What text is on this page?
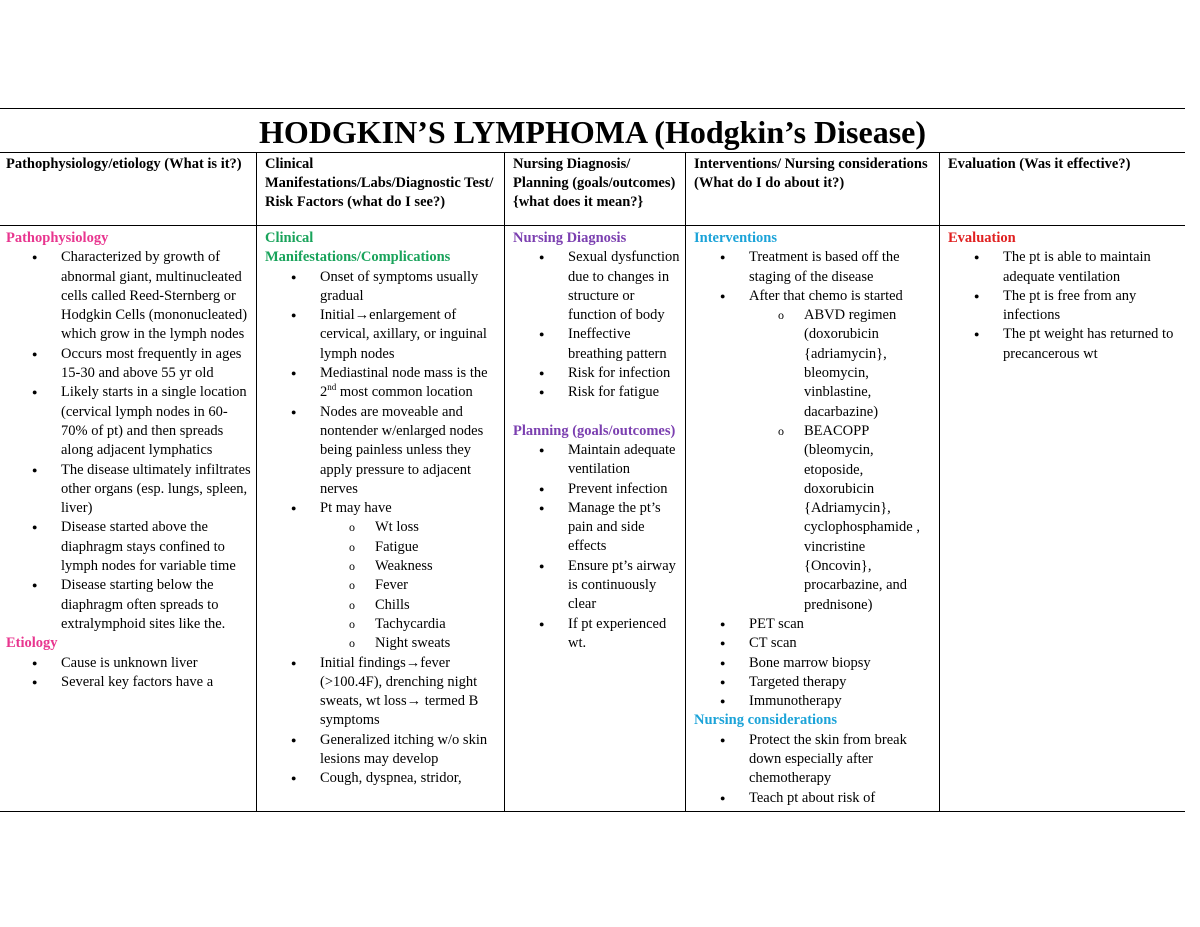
HODGKIN’S LYMPHOMA (Hodgkin’s Disease)
Pathophysiology/etiology (What is it?)	Clinical Manifestations/Labs/Diagnostic Test/ Risk Factors (what do I see?)
Nursing Diagnosis/ Planning (goals/outcomes) {what does it mean?}
Interventions/ Nursing considerations (What do I do about it?)
Evaluation (Was it effective?)
Pathophysiology
● Characterized by growth of abnormal giant, multinucleated cells called Reed-Sternberg or Hodgkin Cells (mononucleated) which grow in the lymph nodes
● Occurs most frequently in ages 15-30 and above 55 yr old
● Likely starts in a single location (cervical lymph nodes in 60-70% of pt) and then spreads along adjacent lymphatics
● The disease ultimately infiltrates other organs (esp. lungs, spleen, liver)
● Disease started above the diaphragm stays confined to lymph nodes for variable time
● Disease starting below the diaphragm often spreads to extralymphoid sites like the.
Etiology
● Cause is unknown liver
● Several key factors have a
Clinical Manifestations/Complications
● Onset of symptoms usually gradual
● Initial→enlargement of cervical, axillary, or inguinal lymph nodes
● Mediastinal node mass is the 2nd most common location
● Nodes are moveable and nontender w/enlarged nodes being painless unless they apply pressure to adjacent nerves
● Pt may have
o Wt loss
o Fatigue
o Weakness
o Fever
o Chills
o Tachycardia
o Night sweats
● Initial findings→fever (>100.4F), drenching night sweats, wt loss→ termed B symptoms
● Generalized itching w/o skin lesions may develop
● Cough, dyspnea, stridor,
Nursing Diagnosis
● Sexual dysfunction due to changes in structure or function of body
● Ineffective breathing pattern
● Risk for infection
● Risk for fatigue
Planning (goals/outcomes)
● Maintain adequate ventilation
● Prevent infection
● Manage the pt’s pain and side effects
● Ensure pt’s airway is continuously clear
● If pt experienced wt.
Interventions
● Treatment is based off the staging of the disease
● After that chemo is started
o ABVD regimen (doxorubicin {adriamycin}, bleomycin, vinblastine, dacarbazine)
o BEACOPP (bleomycin, etoposide, doxorubicin {Adriamycin}, cyclophosphamide , vincristine {Oncovin}, procarbazine, and prednisone)
● PET scan
● CT scan
● Bone marrow biopsy
● Targeted therapy
● Immunotherapy
Nursing considerations
● Protect the skin from break down especially after chemotherapy
● Teach pt about risk of
Evaluation
● The pt is able to maintain adequate ventilation
● The pt is free from any infections
● The pt weight has returned to precancerous wt
